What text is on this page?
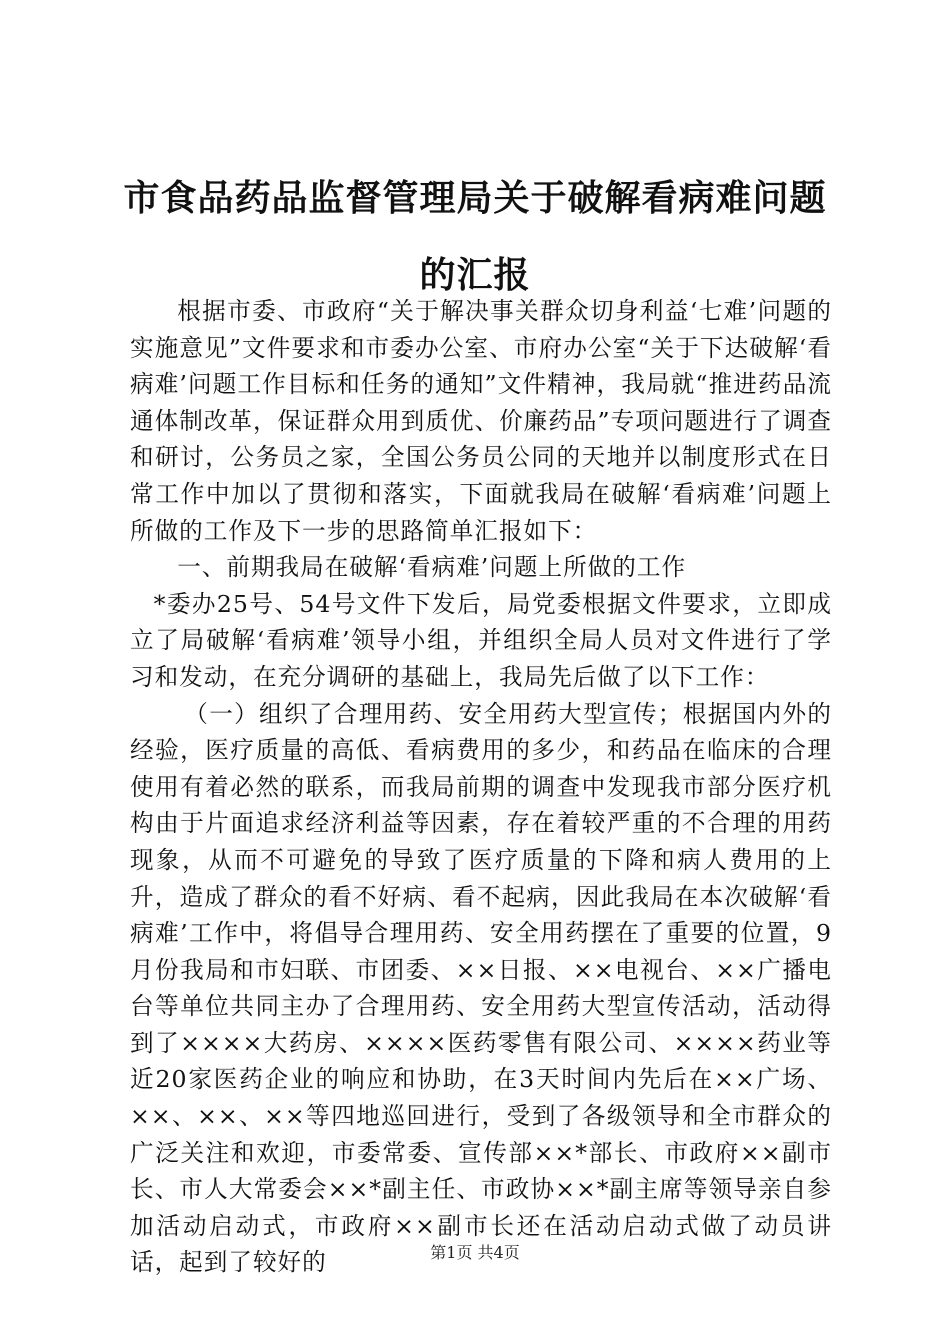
市食品药品监督管理局关于破解看病难问题的汇报

根据市委、市政府“关于解决事关群众切身利益‘七难’问题的实施意见”文件要求和市委办公室、市府办公室“关于下达破解‘看病难’问题工作目标和任务的通知”文件精神，我局就“推进药品流通体制改革，保证群众用到质优、价廉药品”专项问题进行了调查和研讨，公务员之家，全国公务员公同的天地并以制度形式在日常工作中加以了贯彻和落实，下面就我局在破解‘看病难’问题上所做的工作及下一步的思路简单汇报如下：

一、前期我局在破解‘看病难’问题上所做的工作

*委办25号、54号文件下发后，局党委根据文件要求，立即成立了局破解‘看病难’领导小组，并组织全局人员对文件进行了学习和发动，在充分调研的基础上，我局先后做了以下工作：

（一）组织了合理用药、安全用药大型宣传；根据国内外的经验，医疗质量的高低、看病费用的多少，和药品在临床的合理使用有着必然的联系，而我局前期的调查中发现我市部分医疗机构由于片面追求经济利益等因素，存在着较严重的不合理的用药现象，从而不可避免的导致了医疗质量的下降和病人费用的上升，造成了群众的看不好病、看不起病，因此我局在本次破解‘看病难’工作中，将倡导合理用药、安全用药摆在了重要的位置，9月份我局和市妇联、市团委、××日报、××电视台、××广播电台等单位共同主办了合理用药、安全用药大型宣传活动，活动得到了××××大药房、××××医药零售有限公司、××××药业等近20家医药企业的响应和协助，在3天时间内先后在××广场、××、××、××等四地巡回进行，受到了各级领导和全市群众的广泛关注和欢迎，市委常委、宣传部××*部长、市政府××副市长、市人大常委会××*副主任、市政协××*副主席等领导亲自参加活动启动式，市政府××副市长还在活动启动式做了动员讲话，起到了较好的	第1页 共4页
